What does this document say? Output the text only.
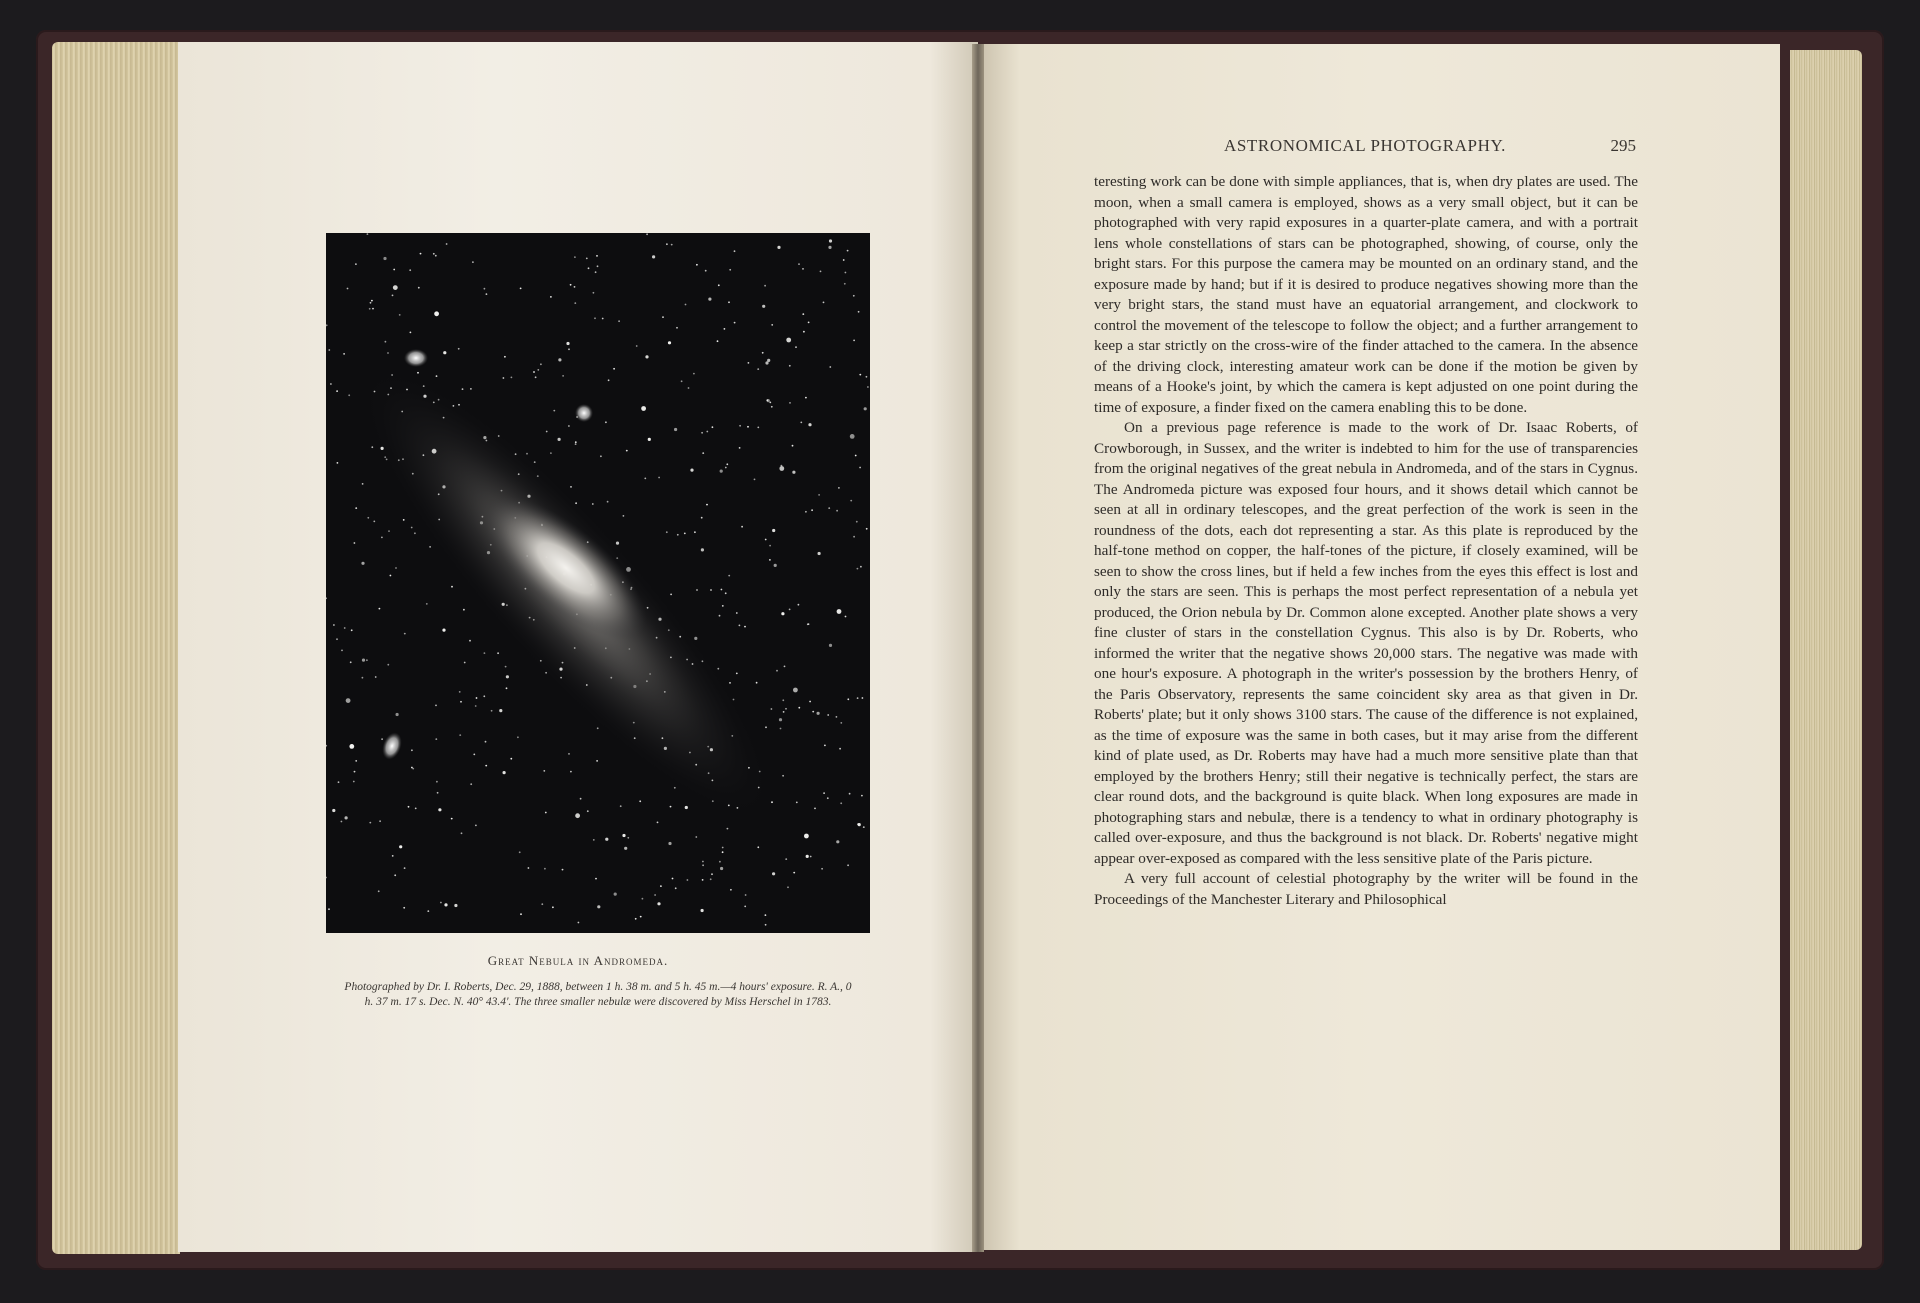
Great Nebula in Andromeda.
Photographed by Dr. I. Roberts, Dec. 29, 1888, between 1 h. 38 m. and 5 h. 45 m.—4 hours' exposure. R. A., 0 h. 37 m. 17 s. Dec. N. 40° 43.4'. The three smaller nebulæ were discovered by Miss Herschel in 1783.
ASTRONOMICAL PHOTOGRAPHY.	295

teresting work can be done with simple appliances, that is, when dry plates are used. The moon, when a small camera is employed, shows as a very small object, but it can be photographed with very rapid exposures in a quarter-plate camera, and with a portrait lens whole constellations of stars can be photographed, showing, of course, only the bright stars. For this purpose the camera may be mounted on an ordinary stand, and the exposure made by hand; but if it is desired to produce negatives showing more than the very bright stars, the stand must have an equatorial arrangement, and clockwork to control the movement of the telescope to follow the object; and a further arrangement to keep a star strictly on the cross-wire of the finder attached to the camera. In the absence of the driving clock, interesting amateur work can be done if the motion be given by means of a Hooke's joint, by which the camera is kept adjusted on one point during the time of exposure, a finder fixed on the camera enabling this to be done.

On a previous page reference is made to the work of Dr. Isaac Roberts, of Crowborough, in Sussex, and the writer is indebted to him for the use of transparencies from the original negatives of the great nebula in Andromeda, and of the stars in Cygnus. The Andromeda picture was exposed four hours, and it shows detail which cannot be seen at all in ordinary telescopes, and the great perfection of the work is seen in the roundness of the dots, each dot representing a star. As this plate is reproduced by the half-tone method on copper, the half-tones of the picture, if closely examined, will be seen to show the cross lines, but if held a few inches from the eyes this effect is lost and only the stars are seen. This is perhaps the most perfect representation of a nebula yet produced, the Orion nebula by Dr. Common alone excepted. Another plate shows a very fine cluster of stars in the constellation Cygnus. This also is by Dr. Roberts, who informed the writer that the negative shows 20,000 stars. The negative was made with one hour's exposure. A photograph in the writer's possession by the brothers Henry, of the Paris Observatory, represents the same coincident sky area as that given in Dr. Roberts' plate; but it only shows 3100 stars. The cause of the difference is not explained, as the time of exposure was the same in both cases, but it may arise from the different kind of plate used, as Dr. Roberts may have had a much more sensitive plate than that employed by the brothers Henry; still their negative is technically perfect, the stars are clear round dots, and the background is quite black. When long exposures are made in photographing stars and nebulæ, there is a tendency to what in ordinary photography is called over-exposure, and thus the background is not black. Dr. Roberts' negative might appear over-exposed as compared with the less sensitive plate of the Paris picture.

A very full account of celestial photography by the writer will be found in the Proceedings of the Manchester Literary and Philosophical
